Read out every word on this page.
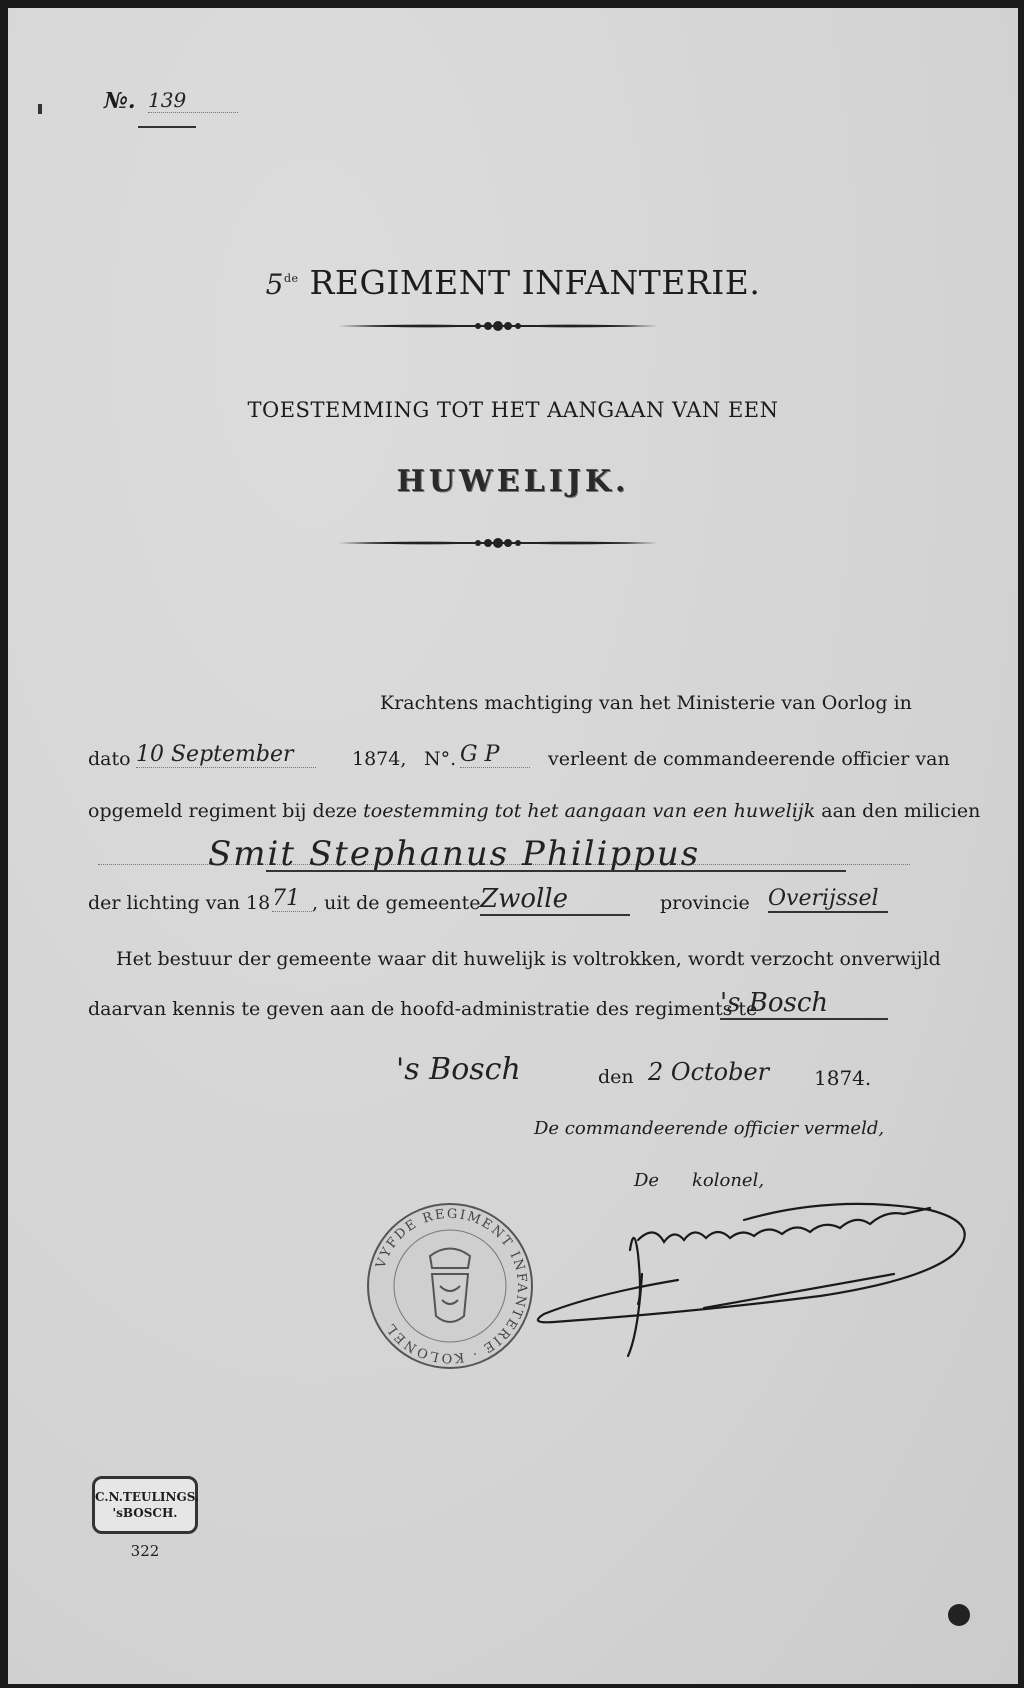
№. 139
5de REGIMENT INFANTERIE.
TOESTEMMING TOT HET AANGAAN VAN EEN
HUWELIJK.
Krachtens machtiging van het Ministerie van Oorlog in
dato 10 September	1874, N°. G P	verleent de commandeerende officier van
opgemeld regiment bij deze toestemming tot het aangaan van een huwelijk aan den milicien
Smit Stephanus Philippus
der lichting van 18 71 , uit de gemeente Zwolle	provincie Overijssel
Het bestuur der gemeente waar dit huwelijk is voltrokken, wordt verzocht onverwijld
daarvan kennis te geven aan de hoofd-administratie des regiments te
's Bosch
's Bosch	den 2 October 1874.
De commandeerende officier vermeld,
De kolonel,
VYFDE REGIMENT INFANTERIE · KOLONEL
C.N.TEULINGS.
'sBOSCH.
322
